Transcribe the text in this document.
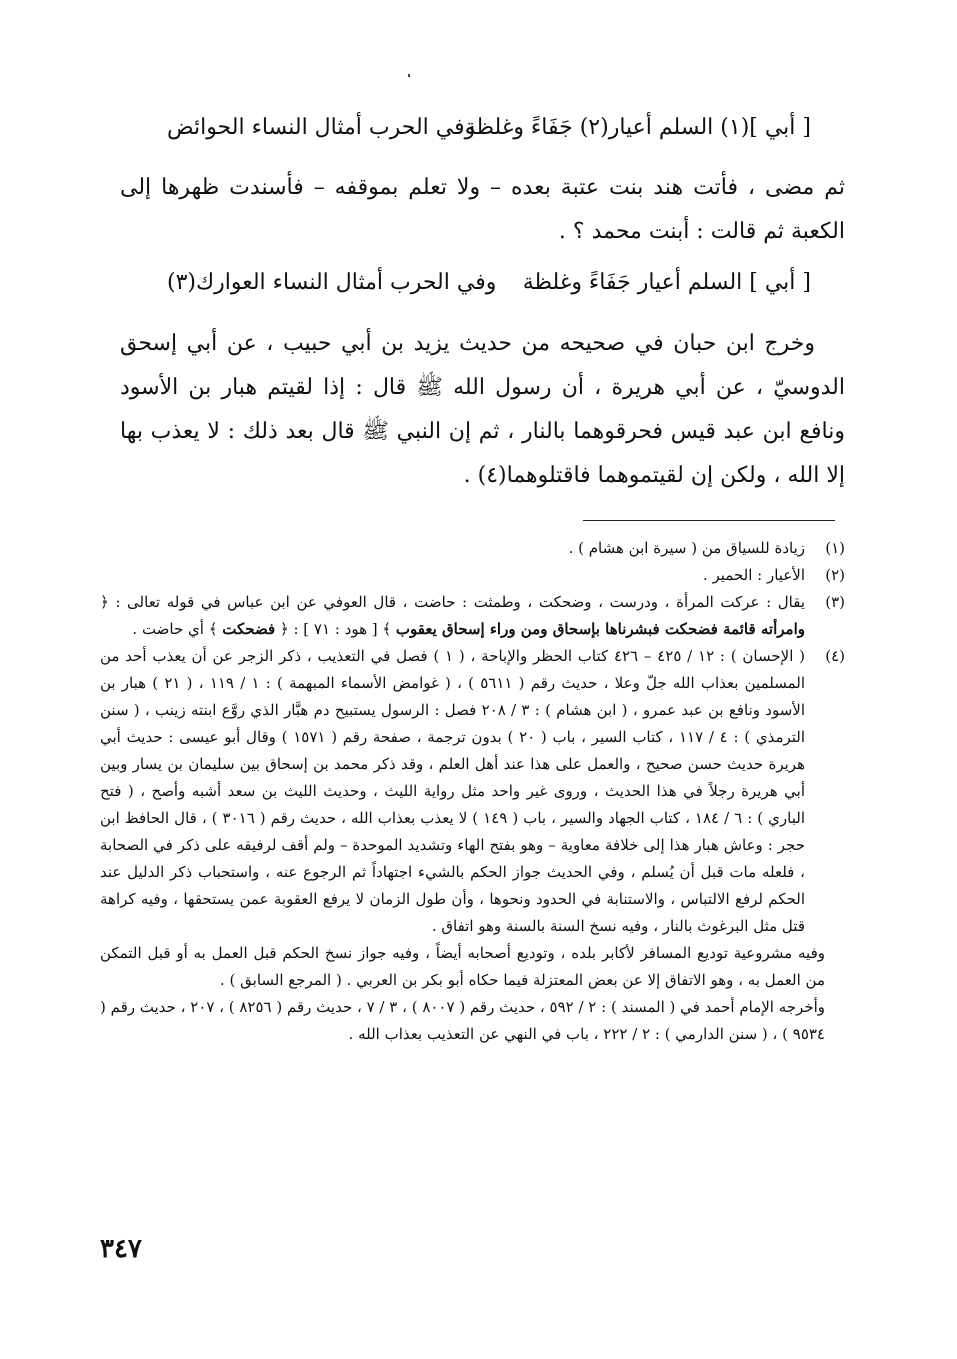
[ أبي ](١) السلم أعيار(٢) جَفَاءً وغلظة
وفي الحرب أمثال النساء الحوائض
ثم مضى ، فأتت هند بنت عتبة بعده – ولا تعلم بموقفه – فأسندت ظهرها إلى الكعبة ثم قالت : أبنت محمد ؟ .
[ أبي ] السلم أعيار جَفَاءً وغلظة
وفي الحرب أمثال النساء العوارك(٣)
وخرج ابن حبان في صحيحه من حديث يزيد بن أبي حبيب ، عن أبي إسحق الدوسيّ ، عن أبي هريرة ، أن رسول الله ﷺ قال : إذا لقيتم هبار بن الأسود ونافع ابن عبد قيس فحرقوهما بالنار ، ثم إن النبي ﷺ قال بعد ذلك : لا يعذب بها إلا الله ، ولكن إن لقيتموهما فاقتلوهما(٤) .
(١)
زيادة للسياق من ( سيرة ابن هشام ) .
(٢)
الأعيار : الحمير .
(٣)
يقال : عركت المرأة ، ودرست ، وضحكت ، وطمثت : حاضت ، قال العوفي عن ابن عباس في قوله تعالى : ﴿ وامرأته قائمة فضحكت فبشرناها بإسحاق ومن وراء إسحاق يعقوب ﴾ [ هود : ٧١ ] : ﴿ فضحكت ﴾ أي حاضت .
(٤)
( الإحسان ) : ١٢ / ٤٢٥ – ٤٢٦ كتاب الحظر والإباحة ، ( ١ ) فصل في التعذيب ، ذكر الزجر عن أن يعذب أحد من المسلمين بعذاب الله جلّ وعلا ، حديث رقم ( ٥٦١١ ) ، ( غوامض الأسماء المبهمة ) : ١ / ١١٩ ، ( ٢١ ) هبار بن الأسود ونافع بن عبد عمرو ، ( ابن هشام ) : ٣ / ٢٠٨ فصل : الرسول يستبيح دم هبَّار الذي روَّع ابنته زينب ، ( سنن الترمذي ) : ٤ / ١١٧ ، كتاب السير ، باب ( ٢٠ ) بدون ترجمة ، صفحة رقم ( ١٥٧١ ) وقال أبو عيسى : حديث أبي هريرة حديث حسن صحيح ، والعمل على هذا عند أهل العلم ، وقد ذكر محمد بن إسحاق بين سليمان بن يسار وبين أبي هريرة رجلاً في هذا الحديث ، وروى غير واحد مثل رواية الليث ، وحديث الليث بن سعد أشبه وأصح ، ( فتح الباري ) : ٦ / ١٨٤ ، كتاب الجهاد والسير ، باب ( ١٤٩ ) لا يعذب بعذاب الله ، حديث رقم ( ٣٠١٦ ) ، قال الحافظ ابن حجر : وعاش هبار هذا إلى خلافة معاوية – وهو بفتح الهاء وتشديد الموحدة – ولم أقف لرفيقه على ذكر في الصحابة ، فلعله مات قبل أن يُسلم ، وفي الحديث جواز الحكم بالشيء اجتهاداً ثم الرجوع عنه ، واستحباب ذكر الدليل عند الحكم لرفع الالتباس ، والاستنابة في الحدود ونحوها ، وأن طول الزمان لا يرفع العقوبة عمن يستحقها ، وفيه كراهة قتل مثل البرغوث بالنار ، وفيه نسخ السنة بالسنة وهو اتفاق .
وفيه مشروعية توديع المسافر لأكابر بلده ، وتوديع أصحابه أيضاً ، وفيه جواز نسخ الحكم قبل العمل به أو قبل التمكن من العمل به ، وهو الاتفاق إلا عن بعض المعتزلة فيما حكاه أبو بكر بن العربي . ( المرجع السابق ) .
وأخرجه الإمام أحمد في ( المسند ) : ٢ / ٥٩٢ ، حديث رقم ( ٨٠٠٧ ) ، ٣ / ٧ ، حديث رقم ( ٨٢٥٦ ) ، ٢٠٧ ، حديث رقم ( ٩٥٣٤ ) ، ( سنن الدارمي ) : ٢ / ٢٢٢ ، باب في النهي عن التعذيب بعذاب الله .
٣٤٧
